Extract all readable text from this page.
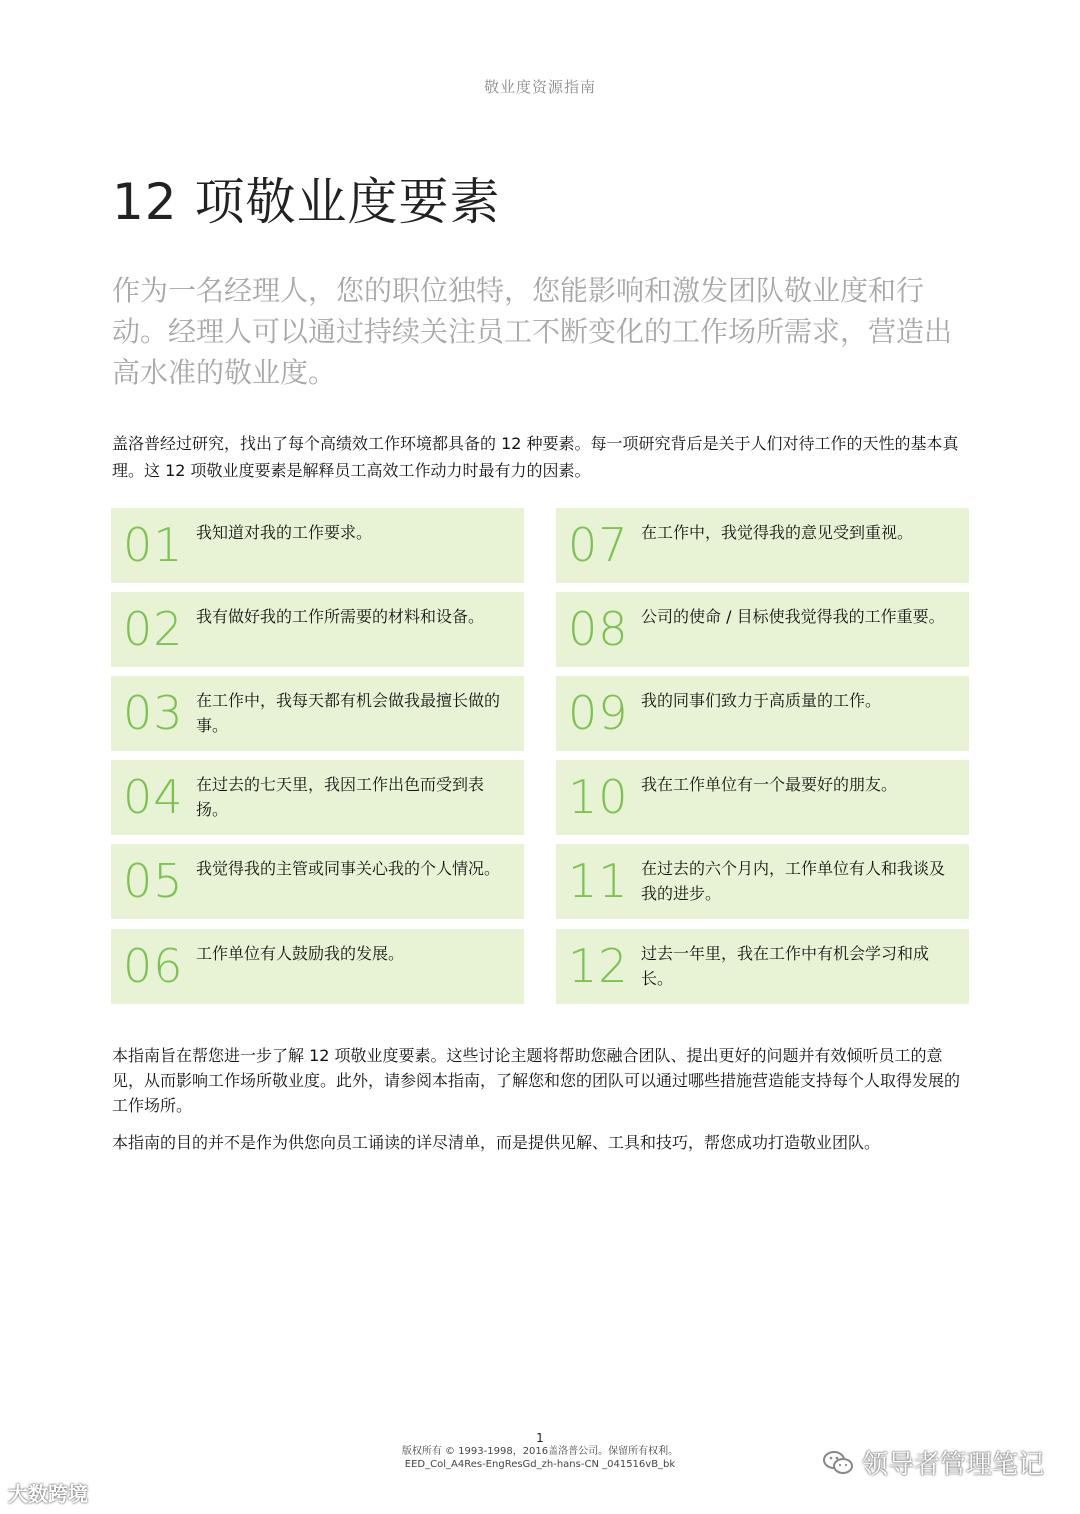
敬业度资源指南
12 项敬业度要素
作为一名经理人，您的职位独特，您能影响和激发团队敬业度和行动。经理人可以通过持续关注员工不断变化的工作场所需求，营造出高水准的敬业度。
盖洛普经过研究，找出了每个高绩效工作环境都具备的 12 种要素。每一项研究背后是关于人们对待工作的天性的基本真理。这 12 项敬业度要素是解释员工高效工作动力时最有力的因素。
01 我知道对我的工作要求。
02 我有做好我的工作所需要的材料和设备。
03 在工作中，我每天都有机会做我最擅长做的事。
04 在过去的七天里，我因工作出色而受到表扬。
05 我觉得我的主管或同事关心我的个人情况。
06 工作单位有人鼓励我的发展。
07 在工作中，我觉得我的意见受到重视。
08 公司的使命 / 目标使我觉得我的工作重要。
09 我的同事们致力于高质量的工作。
10 我在工作单位有一个最要好的朋友。
11 在过去的六个月内，工作单位有人和我谈及我的进步。
12 过去一年里，我在工作中有机会学习和成长。

本指南旨在帮您进一步了解 12 项敬业度要素。这些讨论主题将帮助您融合团队、提出更好的问题并有效倾听员工的意见，从而影响工作场所敬业度。此外，请参阅本指南，了解您和您的团队可以通过哪些措施营造能支持每个人取得发展的工作场所。

本指南的目的并不是作为供您向员工诵读的详尽清单，而是提供见解、工具和技巧，帮您成功打造敬业团队。

1
版权所有 © 1993-1998，2016盖洛普公司。保留所有权利。
EED_Col_A4Res-EngResGd_zh-hans-CN _041516vB_bk
大数跨境
领导者管理笔记
